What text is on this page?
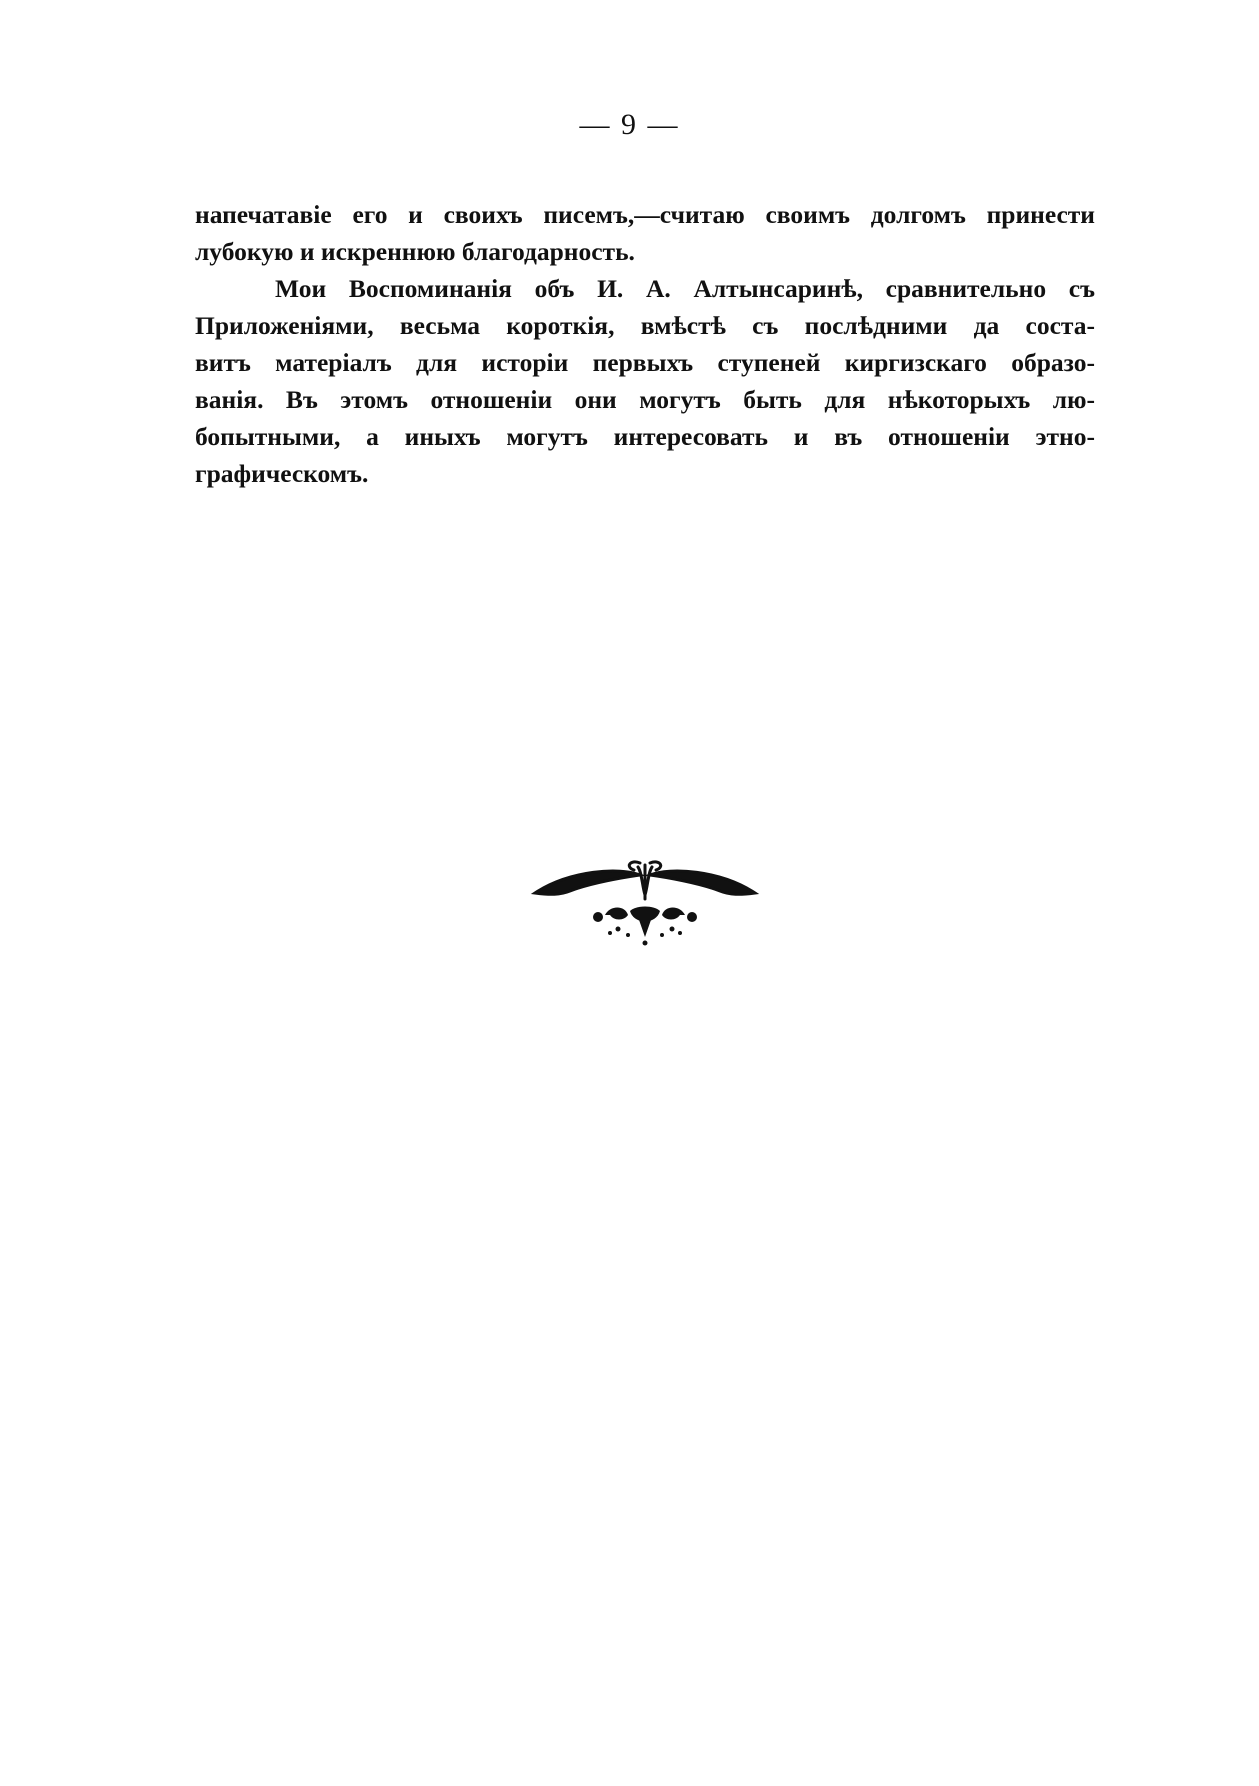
— 9 —
напечатавіе его и своихъ писемъ,—считаю своимъ долгомъ принести
лубокую и искреннюю благодарность.
Мои Воспоминанія объ И. А. Алтынсаринѣ, сравнительно съ
Приложеніями, весьма короткія, вмѣстѣ съ послѣдними да соста-
витъ матеріалъ для исторіи первыхъ ступеней киргизскаго образо-
ванія. Въ этомъ отношеніи они могутъ быть для нѣкоторыхъ лю-
бопытными, а иныхъ могутъ интересовать и въ отношеніи этно-
графическомъ.
